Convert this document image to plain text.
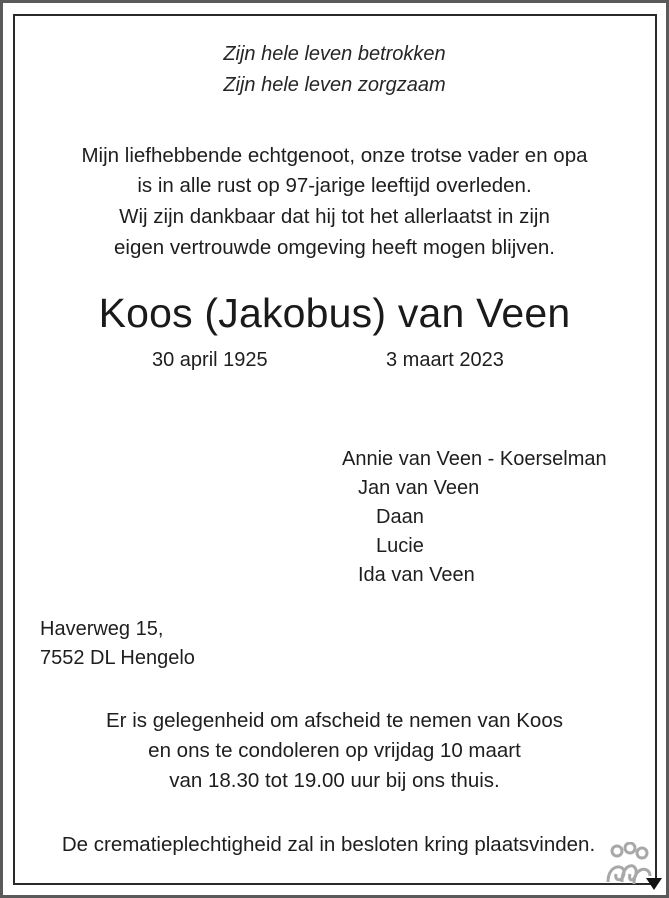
Zijn hele leven betrokken
Zijn hele leven zorgzaam
Mijn liefhebbende echtgenoot, onze trotse vader en opa
is in alle rust op 97-jarige leeftijd overleden.
Wij zijn dankbaar dat hij tot het allerlaatst in zijn
eigen vertrouwde omgeving heeft mogen blijven.
Koos (Jakobus) van Veen
30 april 1925	3 maart 2023
Annie van Veen - Koerselman
Jan van Veen
Daan
Lucie
Ida van Veen
Haverweg 15,
7552 DL Hengelo
Er is gelegenheid om afscheid te nemen van Koos
en ons te condoleren op vrijdag 10 maart
van 18.30 tot 19.00 uur bij ons thuis.
De crematieplechtigheid zal in besloten kring plaatsvinden.
